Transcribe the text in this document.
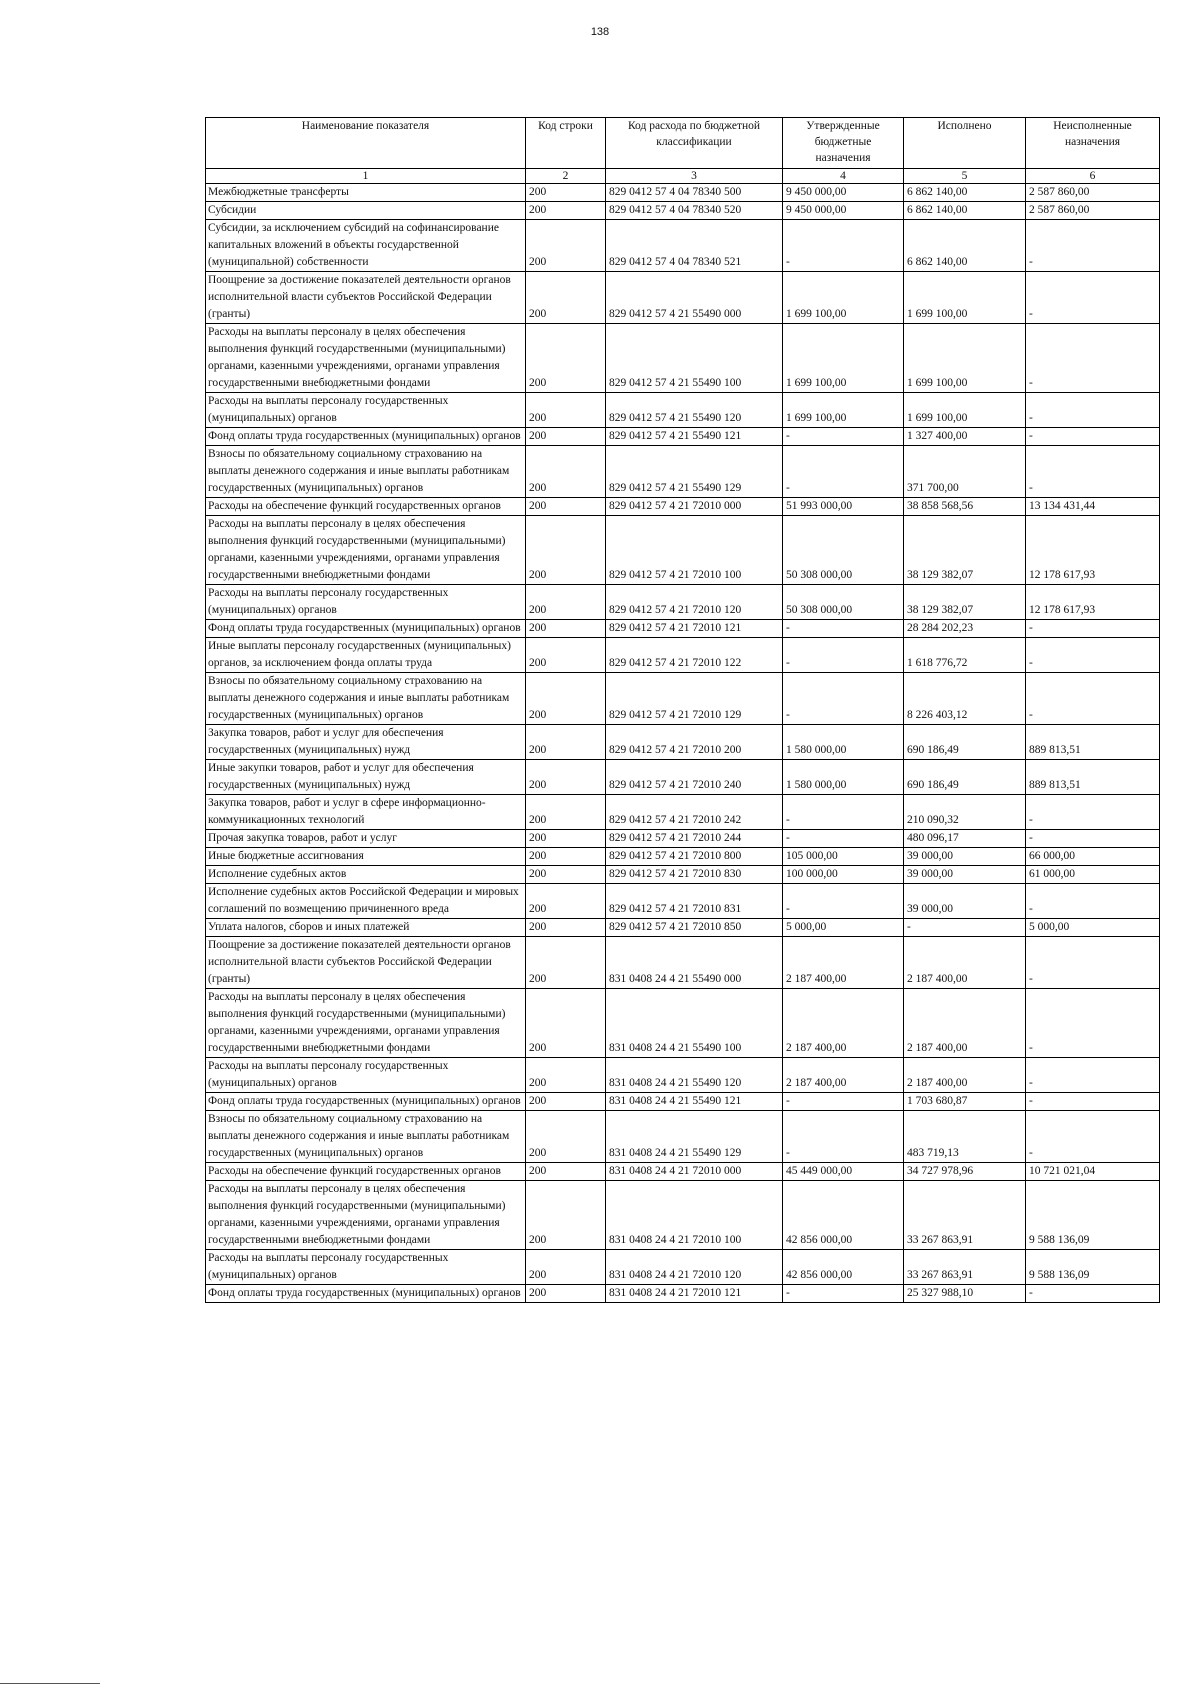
138
Наименование показателя	Код строки	Код расхода по бюджетной классификации	Утвержденные бюджетные назначения	Исполнено	Неисполненные назначения
1	2	3	4	5	6
Межбюджетные трансферты	200	829 0412 57 4 04 78340 500	9 450 000,00	6 862 140,00	2 587 860,00
Субсидии	200	829 0412 57 4 04 78340 520	9 450 000,00	6 862 140,00	2 587 860,00
Субсидии, за исключением субсидий на софинансирование капитальных вложений в объекты государственной (муниципальной) собственности	200	829 0412 57 4 04 78340 521	-	6 862 140,00	-
Поощрение за достижение показателей деятельности органов исполнительной власти субъектов Российской Федерации (гранты)	200	829 0412 57 4 21 55490 000	1 699 100,00	1 699 100,00	-
Расходы на выплаты персоналу в целях обеспечения выполнения функций государственными (муниципальными) органами, казенными учреждениями, органами управления государственными внебюджетными фондами	200	829 0412 57 4 21 55490 100	1 699 100,00	1 699 100,00	-
Расходы на выплаты персоналу государственных (муниципальных) органов	200	829 0412 57 4 21 55490 120	1 699 100,00	1 699 100,00	-
Фонд оплаты труда государственных (муниципальных) органов	200	829 0412 57 4 21 55490 121	-	1 327 400,00	-
Взносы по обязательному социальному страхованию на выплаты денежного содержания и иные выплаты работникам государственных (муниципальных) органов	200	829 0412 57 4 21 55490 129	-	371 700,00	-
Расходы на обеспечение функций государственных органов	200	829 0412 57 4 21 72010 000	51 993 000,00	38 858 568,56	13 134 431,44
Расходы на выплаты персоналу в целях обеспечения выполнения функций государственными (муниципальными) органами, казенными учреждениями, органами управления государственными внебюджетными фондами	200	829 0412 57 4 21 72010 100	50 308 000,00	38 129 382,07	12 178 617,93
Расходы на выплаты персоналу государственных (муниципальных) органов	200	829 0412 57 4 21 72010 120	50 308 000,00	38 129 382,07	12 178 617,93
Фонд оплаты труда государственных (муниципальных) органов	200	829 0412 57 4 21 72010 121	-	28 284 202,23	-
Иные выплаты персоналу государственных (муниципальных) органов, за исключением фонда оплаты труда	200	829 0412 57 4 21 72010 122	-	1 618 776,72	-
Взносы по обязательному социальному страхованию на выплаты денежного содержания и иные выплаты работникам государственных (муниципальных) органов	200	829 0412 57 4 21 72010 129	-	8 226 403,12	-
Закупка товаров, работ и услуг для обеспечения государственных (муниципальных) нужд	200	829 0412 57 4 21 72010 200	1 580 000,00	690 186,49	889 813,51
Иные закупки товаров, работ и услуг для обеспечения государственных (муниципальных) нужд	200	829 0412 57 4 21 72010 240	1 580 000,00	690 186,49	889 813,51
Закупка товаров, работ и услуг в сфере информационно-коммуникационных технологий	200	829 0412 57 4 21 72010 242	-	210 090,32	-
Прочая закупка товаров, работ и услуг	200	829 0412 57 4 21 72010 244	-	480 096,17	-
Иные бюджетные ассигнования	200	829 0412 57 4 21 72010 800	105 000,00	39 000,00	66 000,00
Исполнение судебных актов	200	829 0412 57 4 21 72010 830	100 000,00	39 000,00	61 000,00
Исполнение судебных актов Российской Федерации и мировых соглашений по возмещению причиненного вреда	200	829 0412 57 4 21 72010 831	-	39 000,00	-
Уплата налогов, сборов и иных платежей	200	829 0412 57 4 21 72010 850	5 000,00	-	5 000,00
Поощрение за достижение показателей деятельности органов исполнительной власти субъектов Российской Федерации (гранты)	200	831 0408 24 4 21 55490 000	2 187 400,00	2 187 400,00	-
Расходы на выплаты персоналу в целях обеспечения выполнения функций государственными (муниципальными) органами, казенными учреждениями, органами управления государственными внебюджетными фондами	200	831 0408 24 4 21 55490 100	2 187 400,00	2 187 400,00	-
Расходы на выплаты персоналу государственных (муниципальных) органов	200	831 0408 24 4 21 55490 120	2 187 400,00	2 187 400,00	-
Фонд оплаты труда государственных (муниципальных) органов	200	831 0408 24 4 21 55490 121	-	1 703 680,87	-
Взносы по обязательному социальному страхованию на выплаты денежного содержания и иные выплаты работникам государственных (муниципальных) органов	200	831 0408 24 4 21 55490 129	-	483 719,13	-
Расходы на обеспечение функций государственных органов	200	831 0408 24 4 21 72010 000	45 449 000,00	34 727 978,96	10 721 021,04
Расходы на выплаты персоналу в целях обеспечения выполнения функций государственными (муниципальными) органами, казенными учреждениями, органами управления государственными внебюджетными фондами	200	831 0408 24 4 21 72010 100	42 856 000,00	33 267 863,91	9 588 136,09
Расходы на выплаты персоналу государственных (муниципальных) органов	200	831 0408 24 4 21 72010 120	42 856 000,00	33 267 863,91	9 588 136,09
Фонд оплаты труда государственных (муниципальных) органов	200	831 0408 24 4 21 72010 121	-	25 327 988,10	-
